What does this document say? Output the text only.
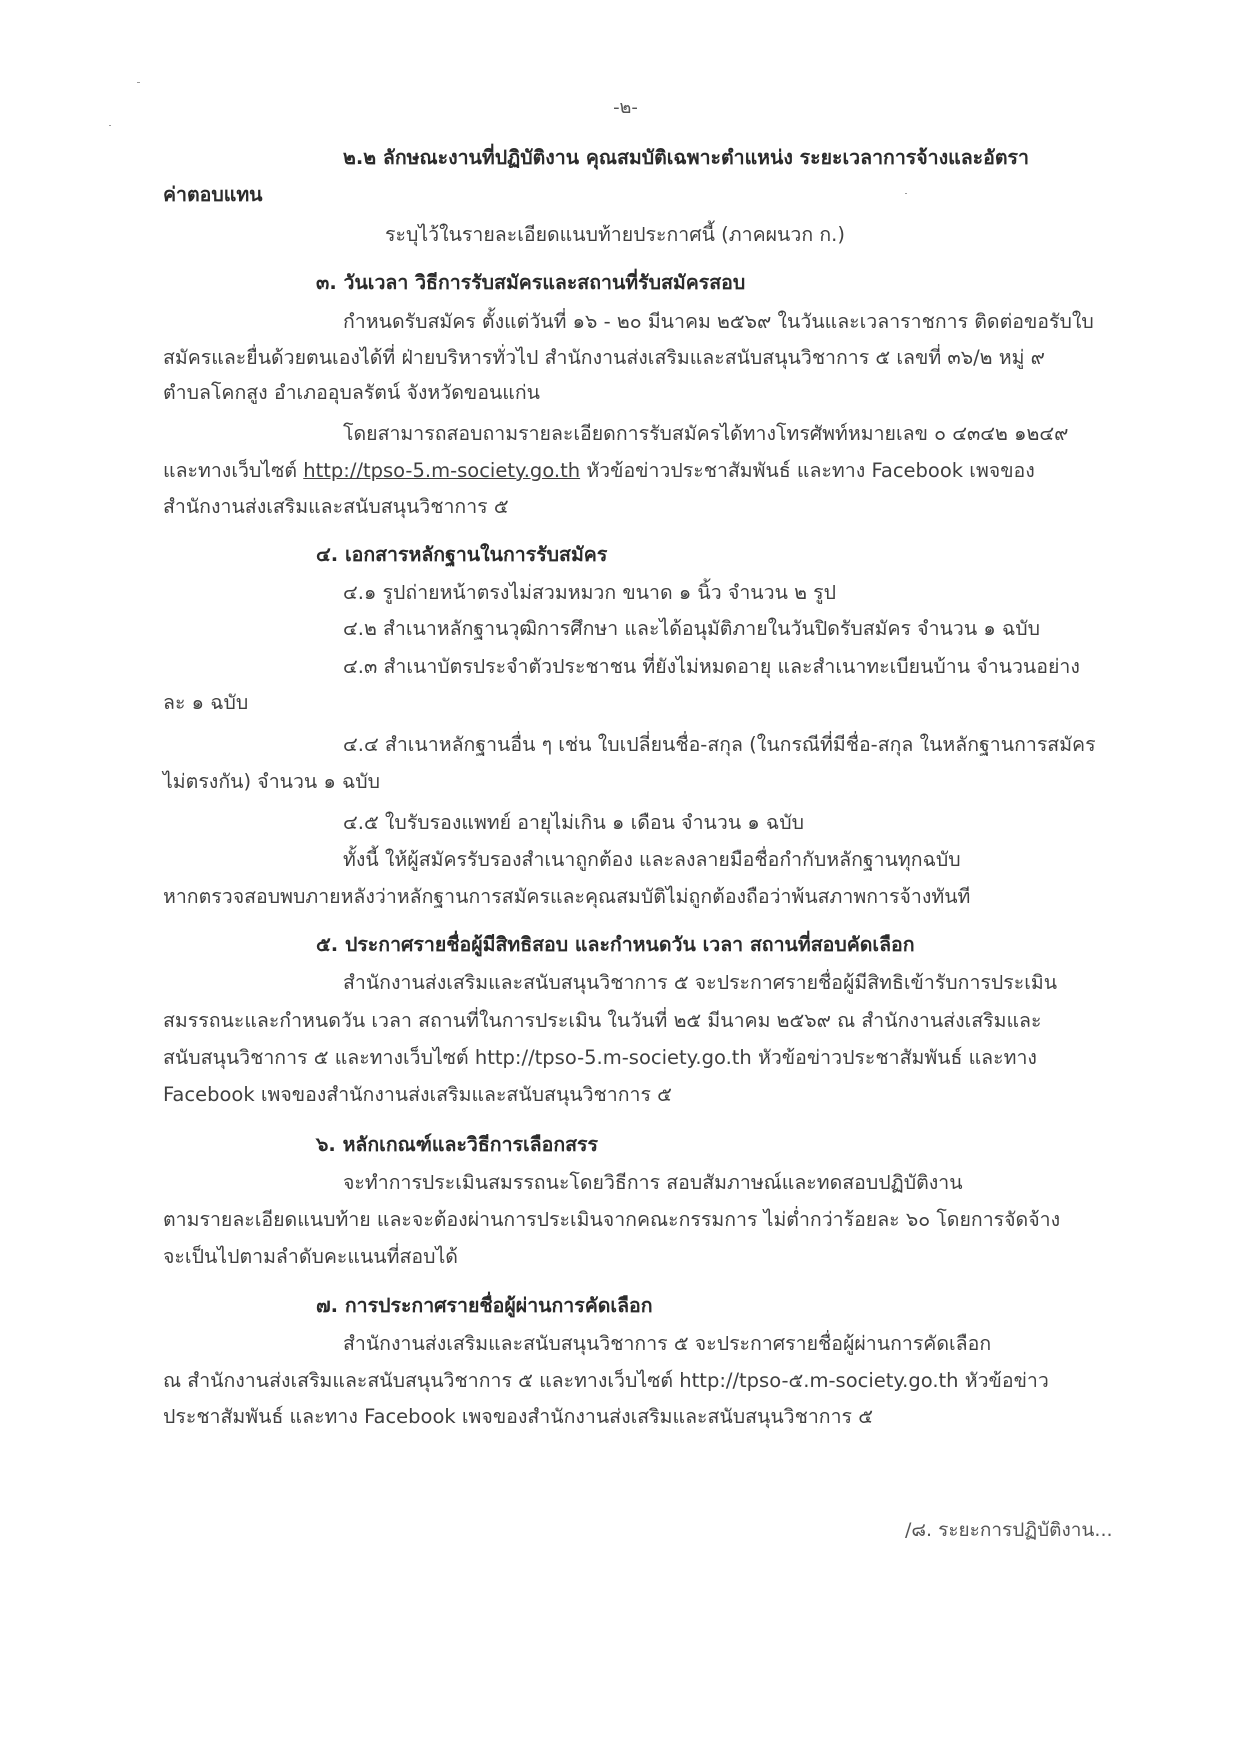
-๒-
๒.๒ ลักษณะงานที่ปฏิบัติงาน คุณสมบัติเฉพาะตำแหน่ง ระยะเวลาการจ้างและอัตรา
ค่าตอบแทน
ระบุไว้ในรายละเอียดแนบท้ายประกาศนี้ (ภาคผนวก ก.)
๓. วันเวลา วิธีการรับสมัครและสถานที่รับสมัครสอบ
กำหนดรับสมัคร ตั้งแต่วันที่ ๑๖ - ๒๐ มีนาคม ๒๕๖๙ ในวันและเวลาราชการ ติดต่อขอรับใบ
สมัครและยื่นด้วยตนเองได้ที่ ฝ่ายบริหารทั่วไป สำนักงานส่งเสริมและสนับสนุนวิชาการ ๕ เลขที่ ๓๖/๒ หมู่ ๙
ตำบลโคกสูง อำเภออุบลรัตน์ จังหวัดขอนแก่น
โดยสามารถสอบถามรายละเอียดการรับสมัครได้ทางโทรศัพท์หมายเลข ๐ ๔๓๔๒ ๑๒๔๙
และทางเว็บไซต์ http://tpso-5.m-society.go.th หัวข้อข่าวประชาสัมพันธ์ และทาง Facebook เพจของ
สำนักงานส่งเสริมและสนับสนุนวิชาการ ๕
๔. เอกสารหลักฐานในการรับสมัคร
๔.๑ รูปถ่ายหน้าตรงไม่สวมหมวก ขนาด ๑ นิ้ว จำนวน ๒ รูป
๔.๒ สำเนาหลักฐานวุฒิการศึกษา และได้อนุมัติภายในวันปิดรับสมัคร จำนวน ๑ ฉบับ
๔.๓ สำเนาบัตรประจำตัวประชาชน ที่ยังไม่หมดอายุ และสำเนาทะเบียนบ้าน จำนวนอย่าง
ละ ๑ ฉบับ
๔.๔ สำเนาหลักฐานอื่น ๆ เช่น ใบเปลี่ยนชื่อ-สกุล (ในกรณีที่มีชื่อ-สกุล ในหลักฐานการสมัคร
ไม่ตรงกัน) จำนวน ๑ ฉบับ
๔.๕ ใบรับรองแพทย์ อายุไม่เกิน ๑ เดือน จำนวน ๑ ฉบับ
ทั้งนี้ ให้ผู้สมัครรับรองสำเนาถูกต้อง และลงลายมือชื่อกำกับหลักฐานทุกฉบับ
หากตรวจสอบพบภายหลังว่าหลักฐานการสมัครและคุณสมบัติไม่ถูกต้องถือว่าพ้นสภาพการจ้างทันที
๕. ประกาศรายชื่อผู้มีสิทธิสอบ และกำหนดวัน เวลา สถานที่สอบคัดเลือก
สำนักงานส่งเสริมและสนับสนุนวิชาการ ๕ จะประกาศรายชื่อผู้มีสิทธิเข้ารับการประเมิน
สมรรถนะและกำหนดวัน เวลา สถานที่ในการประเมิน ในวันที่ ๒๕ มีนาคม ๒๕๖๙ ณ สำนักงานส่งเสริมและ
สนับสนุนวิชาการ ๕ และทางเว็บไซต์ http://tpso-5.m-society.go.th หัวข้อข่าวประชาสัมพันธ์ และทาง
Facebook เพจของสำนักงานส่งเสริมและสนับสนุนวิชาการ ๕
๖. หลักเกณฑ์และวิธีการเลือกสรร
จะทำการประเมินสมรรถนะโดยวิธีการ สอบสัมภาษณ์และทดสอบปฏิบัติงาน
ตามรายละเอียดแนบท้าย และจะต้องผ่านการประเมินจากคณะกรรมการ ไม่ต่ำกว่าร้อยละ ๖๐ โดยการจัดจ้าง
จะเป็นไปตามลำดับคะแนนที่สอบได้
๗. การประกาศรายชื่อผู้ผ่านการคัดเลือก
สำนักงานส่งเสริมและสนับสนุนวิชาการ ๕ จะประกาศรายชื่อผู้ผ่านการคัดเลือก
ณ สำนักงานส่งเสริมและสนับสนุนวิชาการ ๕ และทางเว็บไซต์ http://tpso-๕.m-society.go.th หัวข้อข่าว
ประชาสัมพันธ์ และทาง Facebook เพจของสำนักงานส่งเสริมและสนับสนุนวิชาการ ๕
/๘. ระยะการปฏิบัติงาน...
